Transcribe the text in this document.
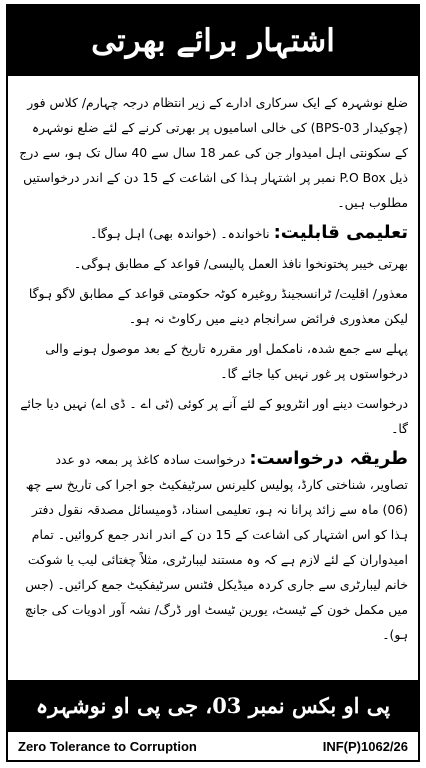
اشتہار برائے بھرتی

ضلع نوشہرہ کے ایک سرکاری ادارے کے زیر انتظام درجہ چہارم/ کلاس فور (چوکیدار BPS-03) کی خالی اسامیوں پر بھرتی کرنے کے لئے ضلع نوشہرہ کے سکونتی اہل امیدوار جن کی عمر 18 سال سے 40 سال تک ہو، سے درج ذیل P.O Box نمبر پر اشتہار ہذا کی اشاعت کے 15 دن کے اندر درخواستیں مطلوب ہیں۔

تعلیمی قابلیت: ناخواندہ۔ (خواندہ بھی) اہل ہوگا۔

بھرتی خیبر پختونخوا نافذ العمل پالیسی/ قواعد کے مطابق ہوگی۔

معذور/ اقلیت/ ٹرانسجینڈ روغیرہ کوٹہ حکومتی قواعد کے مطابق لاگو ہوگا لیکن معذوری فرائض سرانجام دینے میں رکاوٹ نہ ہو۔

پہلے سے جمع شدہ، نامکمل اور مقررہ تاریخ کے بعد موصول ہونے والی درخواستوں پر غور نہیں کیا جائے گا۔

درخواست دینے اور انٹرویو کے لئے آنے پر کوئی (ٹی اے ۔ ڈی اے) نہیں دیا جائے گا۔

طریقہ درخواست: درخواست سادہ کاغذ پر بمعہ دو عدد تصاویر، شناختی کارڈ، پولیس کلیرنس سرٹیفکیٹ جو اجرا کی تاریخ سے چھ (06) ماہ سے زائد پرانا نہ ہو، تعلیمی اسناد، ڈومیسائل مصدقہ نقول دفتر ہذا کو اس اشتہار کی اشاعت کے 15 دن کے اندر اندر جمع کروائیں۔ تمام امیدواران کے لئے لازم ہے کہ وہ مستند لیبارٹری، مثلاً چغتائی لیب یا شوکت خانم لیبارٹری سے جاری کردہ میڈیکل فٹنس سرٹیفکیٹ جمع کرائیں۔ (جس میں مکمل خون کے ٹیسٹ، یورین ٹیسٹ اور ڈرگ/ نشہ آور ادویات کی جانچ ہو)۔

پی او بکس نمبر 03، جی پی او نوشہرہ
Zero Tolerance to Corruption	INF(P)1062/26
